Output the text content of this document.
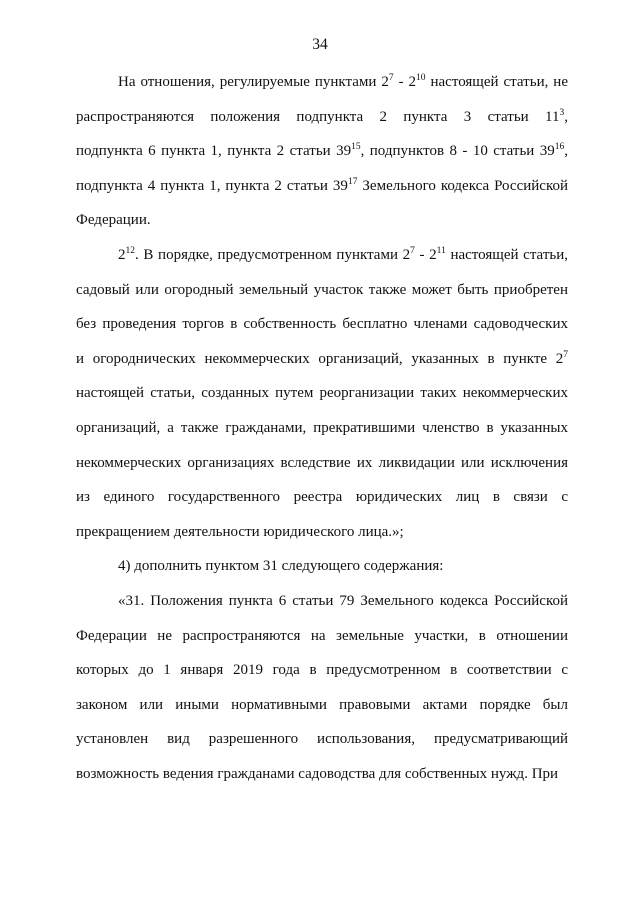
34
На отношения, регулируемые пунктами $2^7 - 2^{10}$ настоящей статьи, не
распространяются положения подпункта 2 пункта 3 статьи $11^3$,
подпункта 6 пункта 1, пункта 2 статьи $39^{15}$, подпунктов 8 - 10 статьи $39^{16}$,
подпункта 4 пункта 1, пункта 2 статьи $39^{17}$ Земельного кодекса Российской
Федерации.
$2^{12}$. В порядке, предусмотренном пунктами $2^7 - 2^{11}$ настоящей статьи,
садовый или огородный земельный участок также может быть приобретен
без проведения торгов в собственность бесплатно членами садоводческих
и огороднических некоммерческих организаций, указанных в пункте $2^7$
настоящей статьи, созданных путем реорганизации таких некоммерческих
организаций, а также гражданами, прекратившими членство в указанных
некоммерческих организациях вследствие их ликвидации или исключения
из единого государственного реестра юридических лиц в связи с
прекращением деятельности юридического лица.»;
4) дополнить пунктом 31 следующего содержания:
«31. Положения пункта 6 статьи 79 Земельного кодекса Российской
Федерации не распространяются на земельные участки, в отношении
которых до 1 января 2019 года в предусмотренном в соответствии с
законом или иными нормативными правовыми актами порядке был
установлен вид разрешенного использования, предусматривающий
возможность ведения гражданами садоводства для собственных нужд. При
